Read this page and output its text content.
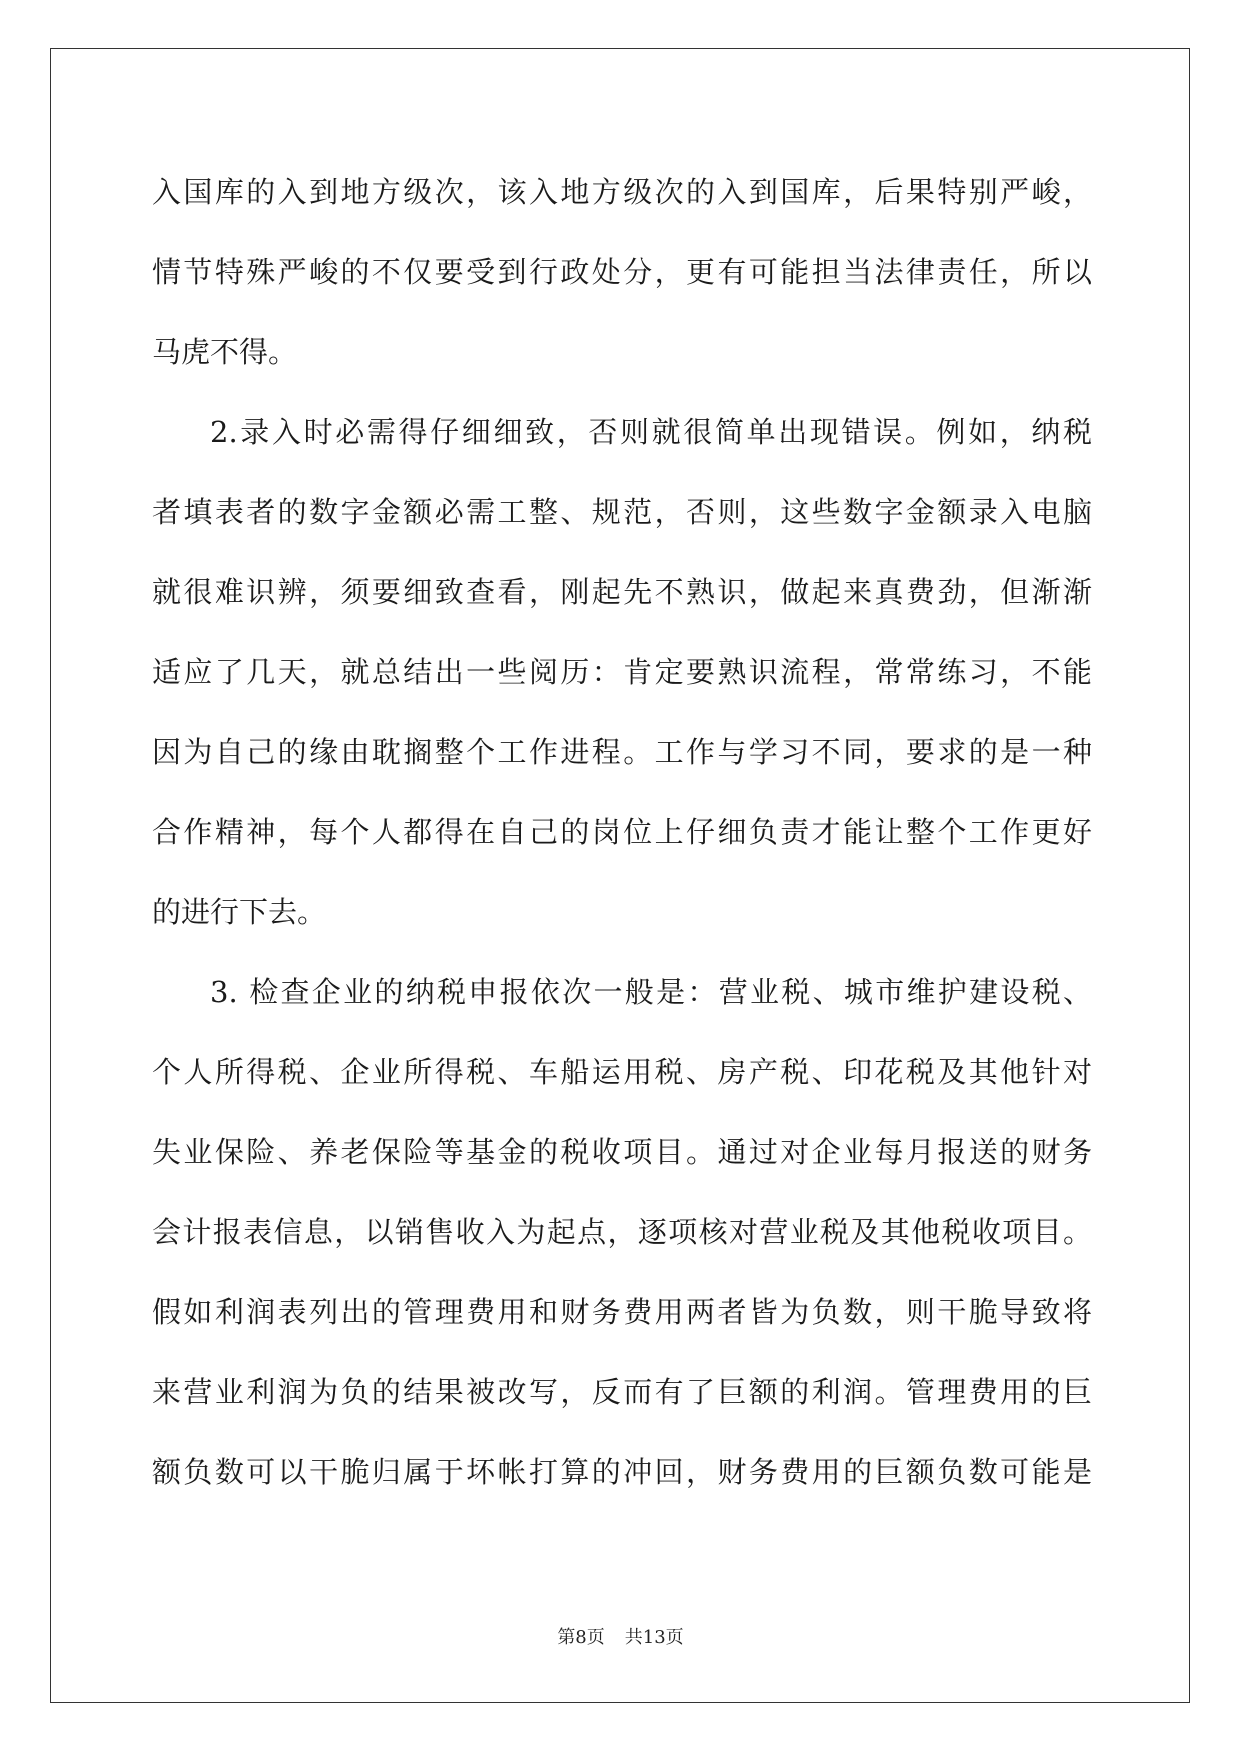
入国库的入到地方级次，该入地方级次的入到国库，后果特别严峻，
情节特殊严峻的不仅要受到行政处分，更有可能担当法律责任，所以
马虎不得。
2.录入时必需得仔细细致，否则就很简单出现错误。例如，纳税
者填表者的数字金额必需工整、规范，否则，这些数字金额录入电脑
就很难识辨，须要细致查看，刚起先不熟识，做起来真费劲，但渐渐
适应了几天，就总结出一些阅历：肯定要熟识流程，常常练习，不能
因为自己的缘由耽搁整个工作进程。工作与学习不同，要求的是一种
合作精神，每个人都得在自己的岗位上仔细负责才能让整个工作更好
的进行下去。
3. 检查企业的纳税申报依次一般是：营业税、城市维护建设税、
个人所得税、企业所得税、车船运用税、房产税、印花税及其他针对
失业保险、养老保险等基金的税收项目。通过对企业每月报送的财务
会计报表信息，以销售收入为起点，逐项核对营业税及其他税收项目。
假如利润表列出的管理费用和财务费用两者皆为负数，则干脆导致将
来营业利润为负的结果被改写，反而有了巨额的利润。管理费用的巨
额负数可以干脆归属于坏帐打算的冲回，财务费用的巨额负数可能是
第8页 共13页
